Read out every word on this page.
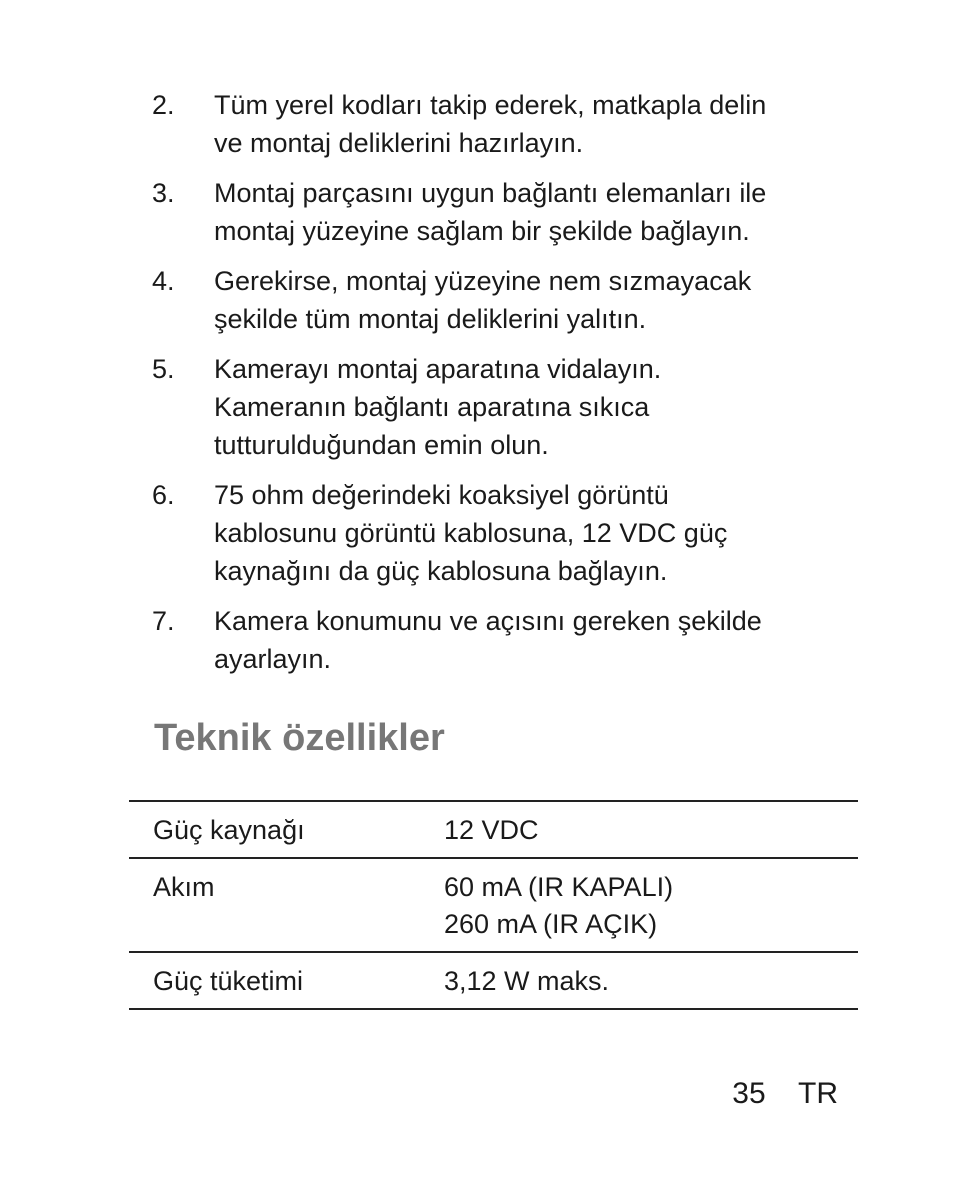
2.	Tüm yerel kodları takip ederek, matkapla delin
ve montaj deliklerini hazırlayın.
3.	Montaj parçasını uygun bağlantı elemanları ile
montaj yüzeyine sağlam bir şekilde bağlayın.
4.	Gerekirse, montaj yüzeyine nem sızmayacak
şekilde tüm montaj deliklerini yalıtın.
5.	Kamerayı montaj aparatına vidalayın.
Kameranın bağlantı aparatına sıkıca
tutturulduğundan emin olun.
6.	75 ohm değerindeki koaksiyel görüntü
kablosunu görüntü kablosuna, 12 VDC güç
kaynağını da güç kablosuna bağlayın.
7.	Kamera konumunu ve açısını gereken şekilde
ayarlayın.
Teknik özellikler
Güç kaynağı	12 VDC

Akım	60 mA (IR KAPALI)
260 mA (IR AÇIK)

Güç tüketimi	3,12 W maks.
35 TR
